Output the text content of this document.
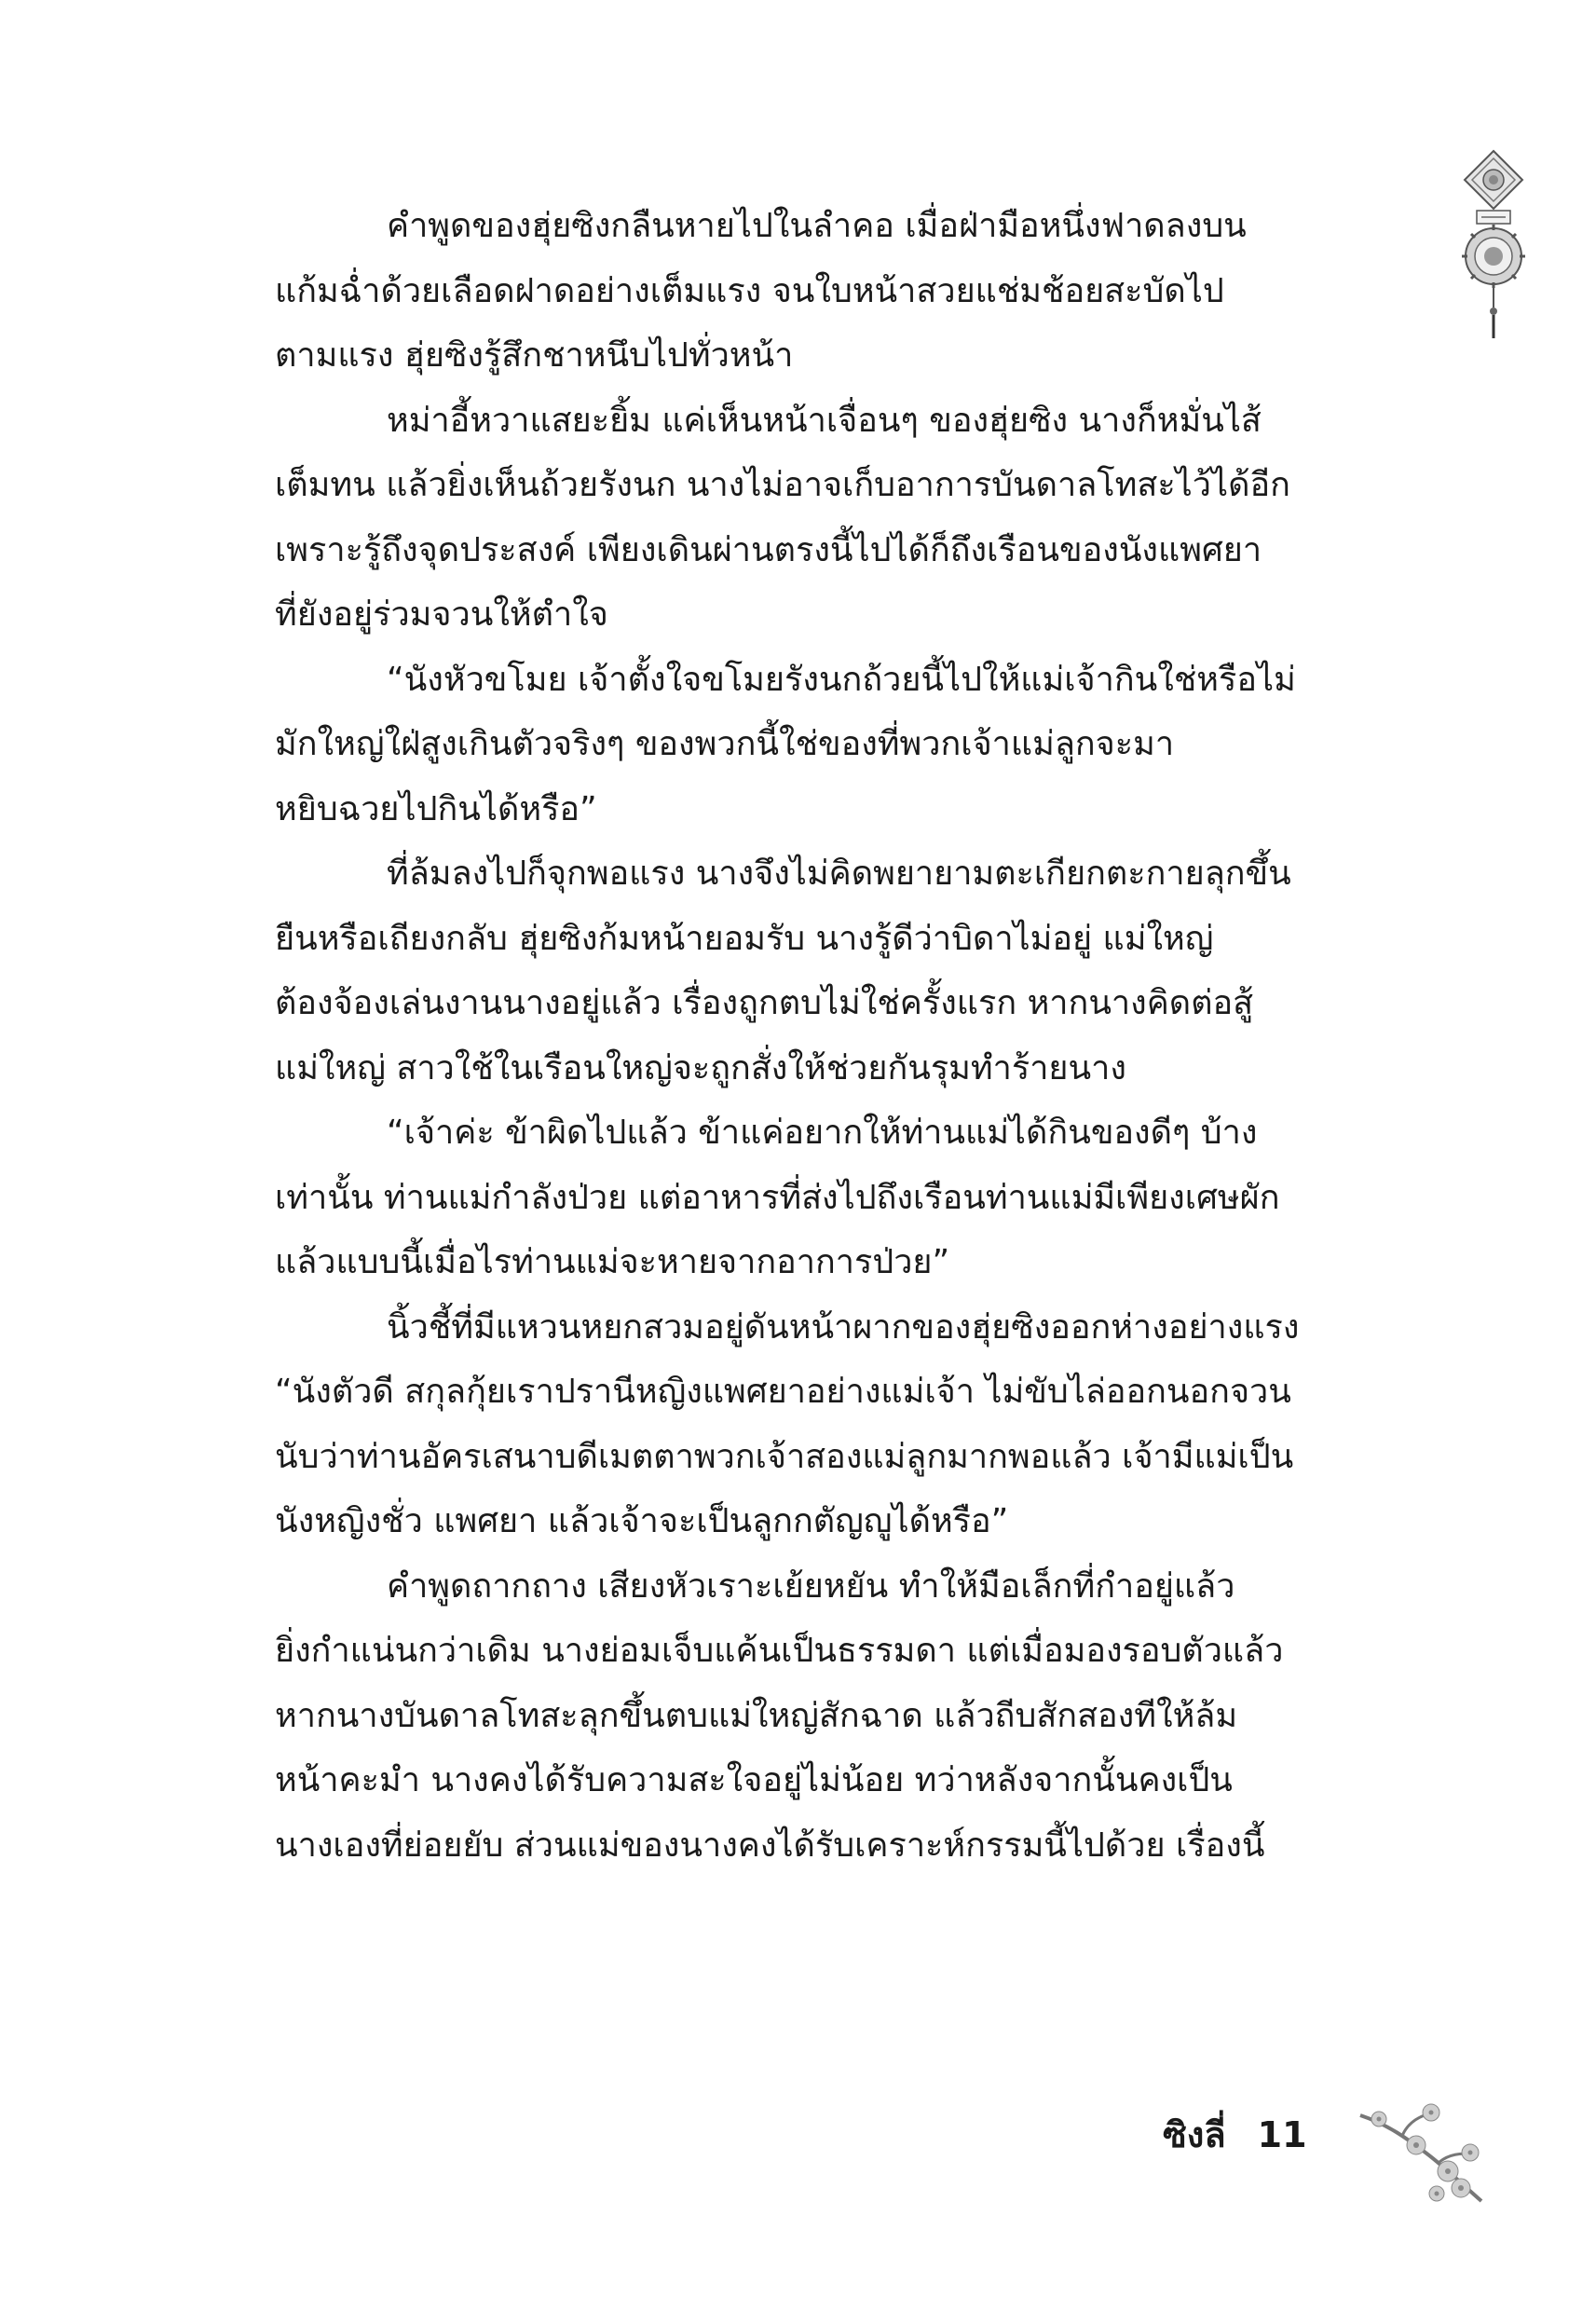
คำพูดของฮุ่ยซิงกลืนหายไปในลำคอ เมื่อฝ่ามือหนึ่งฟาดลงบน
แก้มฉ่ำด้วยเลือดฝาดอย่างเต็มแรง จนใบหน้าสวยแช่มช้อยสะบัดไป
ตามแรง ฮุ่ยซิงรู้สึกชาหนึบไปทั่วหน้า
หม่าอี้หวาแสยะยิ้ม แค่เห็นหน้าเจื่อนๆ ของฮุ่ยซิง นางก็หมั่นไส้
เต็มทน แล้วยิ่งเห็นถ้วยรังนก นางไม่อาจเก็บอาการบันดาลโทสะไว้ได้อีก
เพราะรู้ถึงจุดประสงค์ เพียงเดินผ่านตรงนี้ไปได้ก็ถึงเรือนของนังแพศยา
ที่ยังอยู่ร่วมจวนให้ตำใจ
“นังหัวขโมย เจ้าตั้งใจขโมยรังนกถ้วยนี้ไปให้แม่เจ้ากินใช่หรือไม่
มักใหญ่ใฝ่สูงเกินตัวจริงๆ ของพวกนี้ใช่ของที่พวกเจ้าแม่ลูกจะมา
หยิบฉวยไปกินได้หรือ”
ที่ล้มลงไปก็จุกพอแรง นางจึงไม่คิดพยายามตะเกียกตะกายลุกขึ้น
ยืนหรือเถียงกลับ ฮุ่ยซิงก้มหน้ายอมรับ นางรู้ดีว่าบิดาไม่อยู่ แม่ใหญ่
ต้องจ้องเล่นงานนางอยู่แล้ว เรื่องถูกตบไม่ใช่ครั้งแรก หากนางคิดต่อสู้
แม่ใหญ่ สาวใช้ในเรือนใหญ่จะถูกสั่งให้ช่วยกันรุมทำร้ายนาง
“เจ้าค่ะ ข้าผิดไปแล้ว ข้าแค่อยากให้ท่านแม่ได้กินของดีๆ บ้าง
เท่านั้น ท่านแม่กำลังป่วย แต่อาหารที่ส่งไปถึงเรือนท่านแม่มีเพียงเศษผัก
แล้วแบบนี้เมื่อไรท่านแม่จะหายจากอาการป่วย”
นิ้วชี้ที่มีแหวนหยกสวมอยู่ดันหน้าผากของฮุ่ยซิงออกห่างอย่างแรง
“นังตัวดี สกุลกุ้ยเราปรานีหญิงแพศยาอย่างแม่เจ้า ไม่ขับไล่ออกนอกจวน
นับว่าท่านอัครเสนาบดีเมตตาพวกเจ้าสองแม่ลูกมากพอแล้ว เจ้ามีแม่เป็น
นังหญิงชั่ว แพศยา แล้วเจ้าจะเป็นลูกกตัญญูได้หรือ”
คำพูดถากถาง เสียงหัวเราะเย้ยหยัน ทำให้มือเล็กที่กำอยู่แล้ว
ยิ่งกำแน่นกว่าเดิม นางย่อมเจ็บแค้นเป็นธรรมดา แต่เมื่อมองรอบตัวแล้ว
หากนางบันดาลโทสะลุกขึ้นตบแม่ใหญ่สักฉาด แล้วถีบสักสองทีให้ล้ม
หน้าคะมำ นางคงได้รับความสะใจอยู่ไม่น้อย ทว่าหลังจากนั้นคงเป็น
นางเองที่ย่อยยับ ส่วนแม่ของนางคงได้รับเคราะห์กรรมนี้ไปด้วย เรื่องนี้
ซิงลี่ 11
